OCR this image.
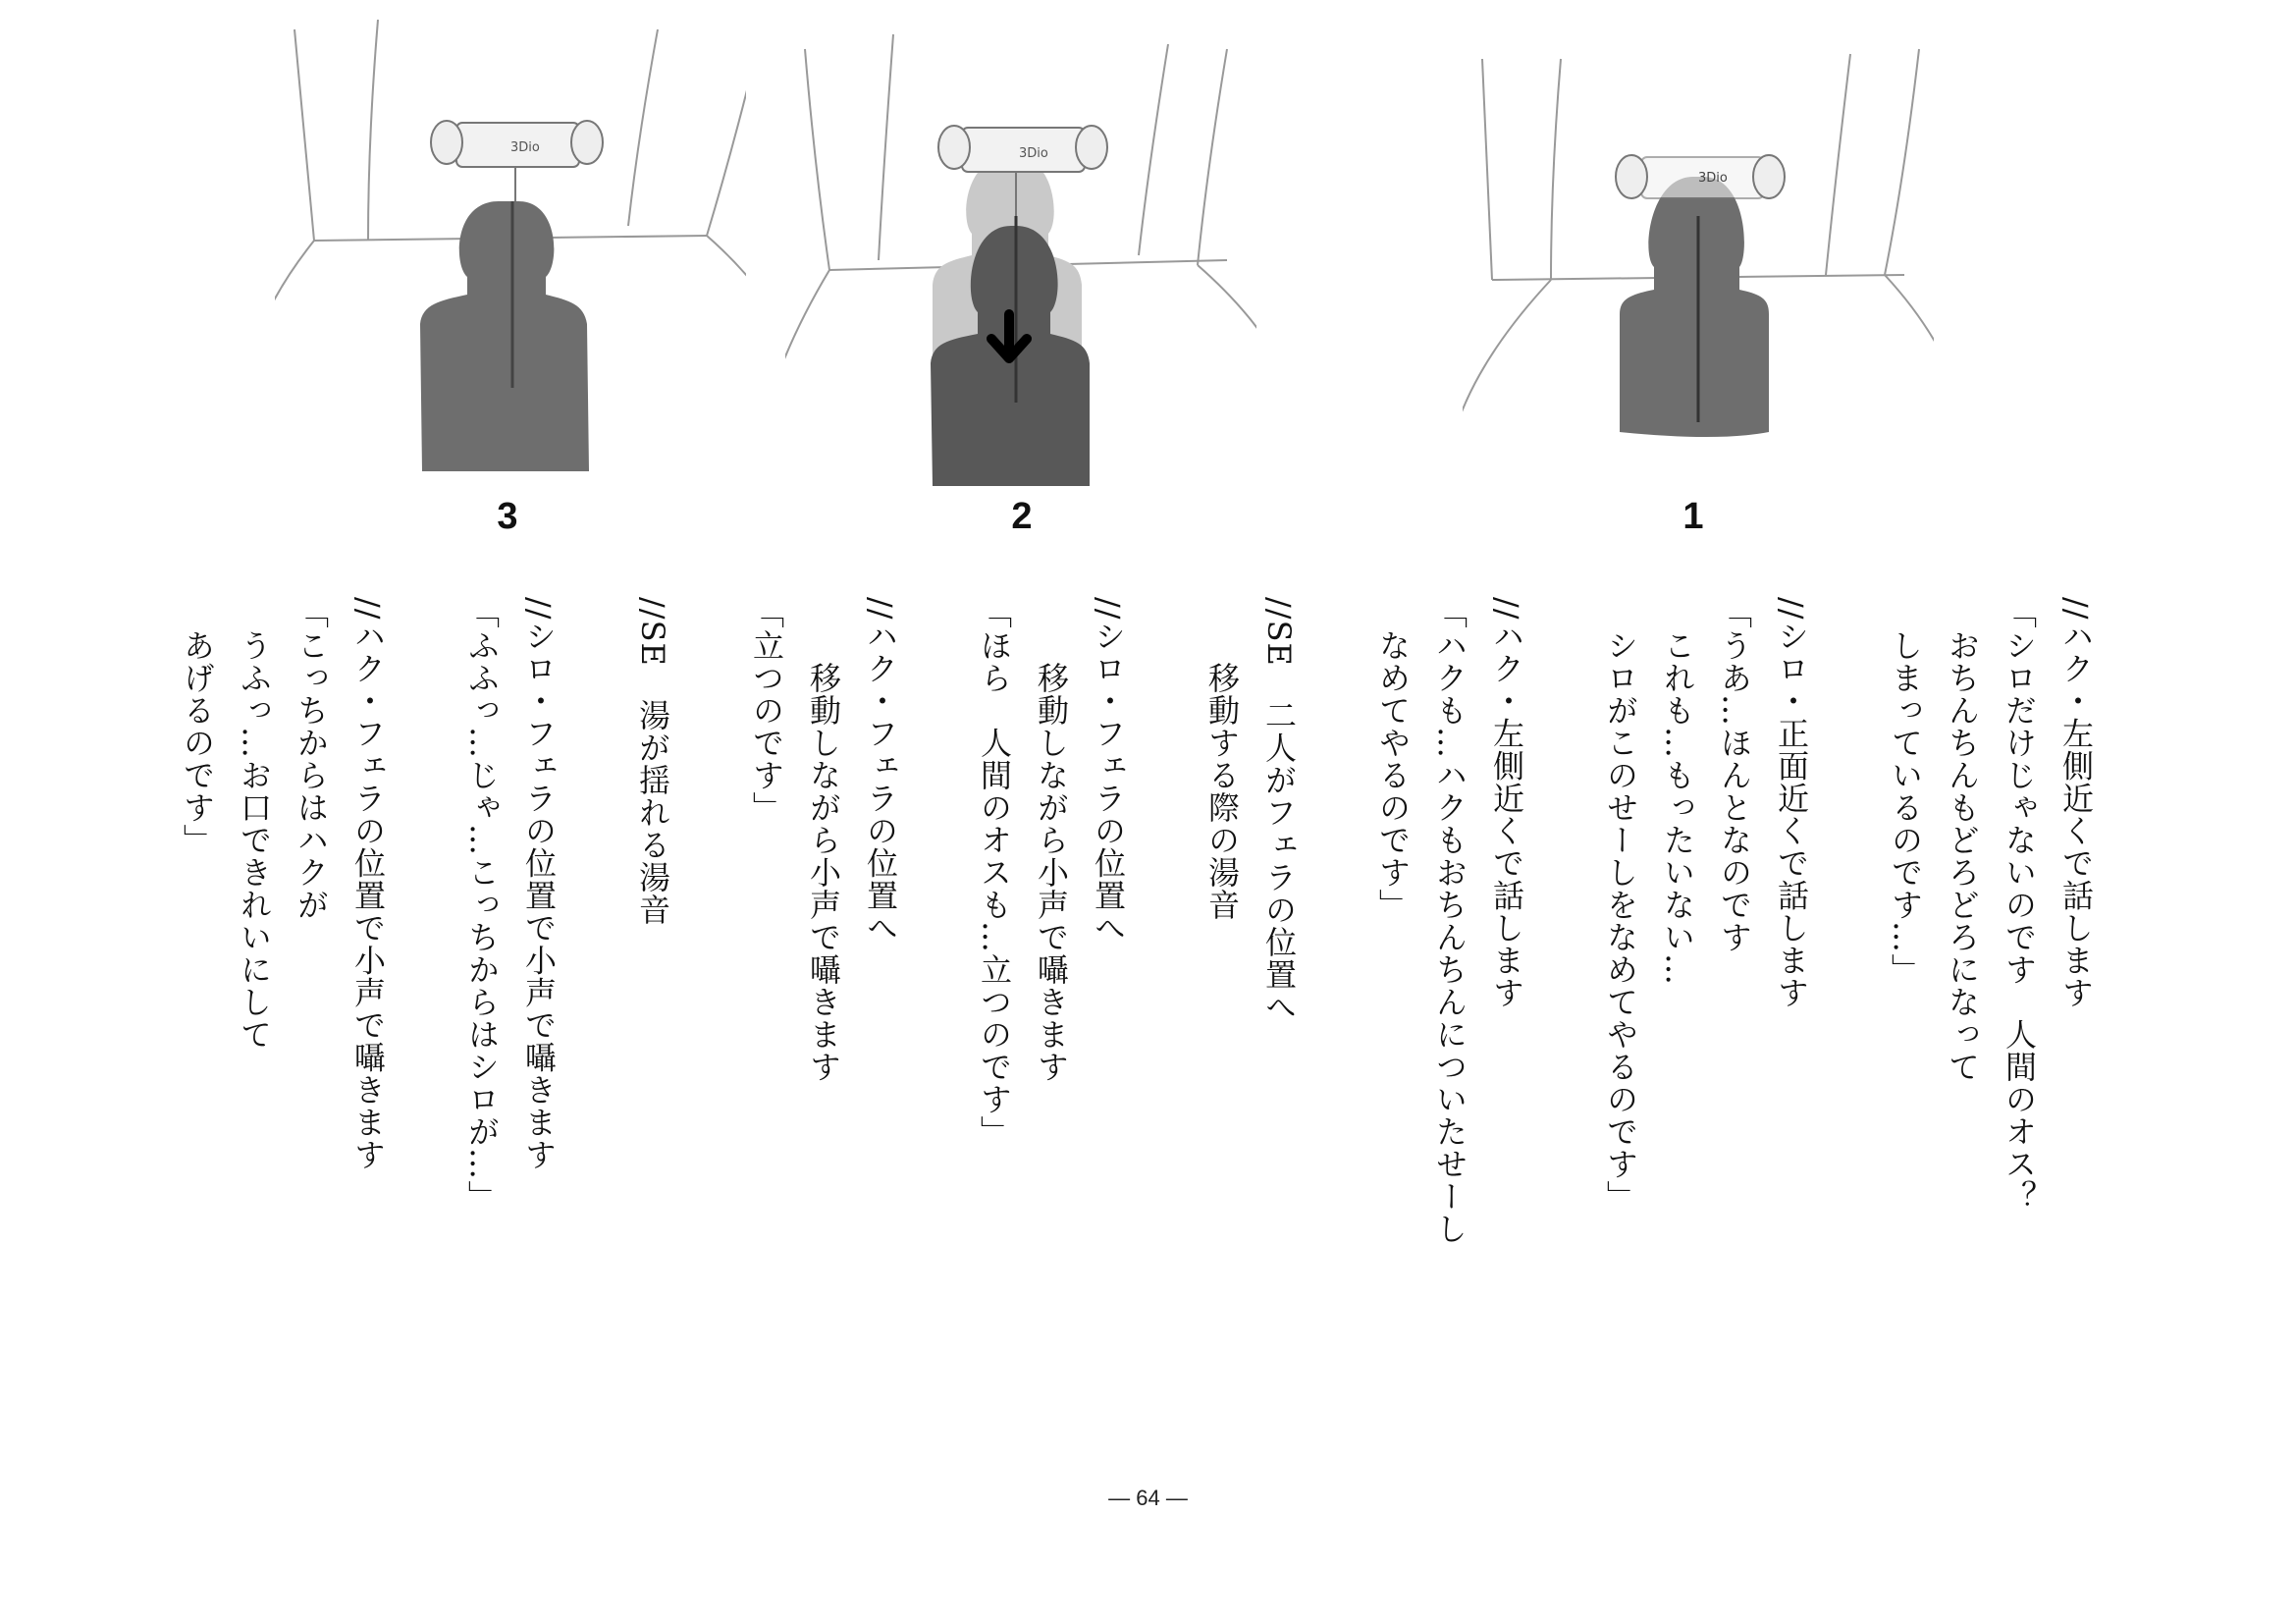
3Dio
3
3Dio
2
3Dio
1
//ハク・左側近くで話します
「シロだけじゃないのです　人間のオス？
　おちんちんもどろどろになって
　しまっているのです…」
//シロ・正面近くで話します
「うあ…ほんとなのです
　これも…もったいない…
　シロがこのせーしをなめてやるのです」
//ハク・左側近くで話します
「ハクも…ハクもおちんちんについたせーし
　なめてやるのです」
//SE　二人がフェラの位置へ
　　移動する際の湯音
//シロ・フェラの位置へ
　　移動しながら小声で囁きます
「ほら　人間のオスも…立つのです」
//ハク・フェラの位置へ
　　移動しながら小声で囁きます
「立つのです」
//SE　湯が揺れる湯音
//シロ・フェラの位置で小声で囁きます
「ふふっ…じゃ…こっちからはシロが…」
//ハク・フェラの位置で小声で囁きます
「こっちからはハクが
　うふっ…お口できれいにして
　あげるのです」
― 64 ―
